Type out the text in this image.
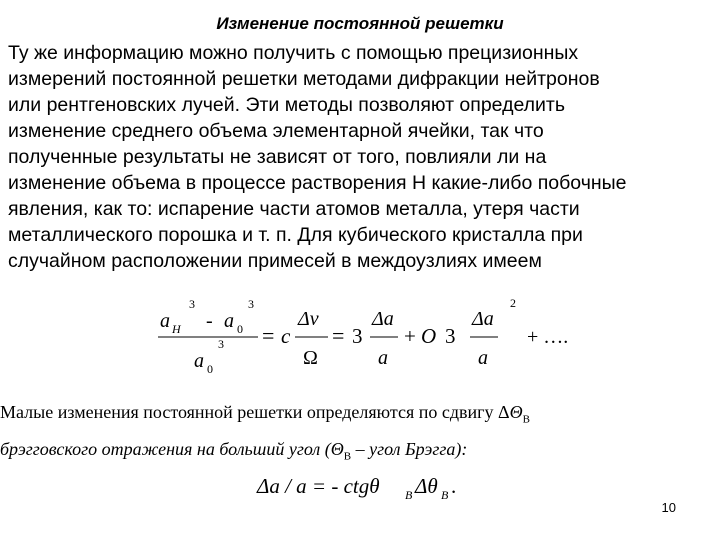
Изменение постоянной решетки
Ту же информацию можно получить с помощью прецизионных
измерений постоянной решетки методами дифракции нейтронов
или рентгеновских лучей. Эти методы позволяют определить
изменение среднего объема элементарной ячейки, так что
полученные результаты не зависят от того, повлияли ли на
изменение объема в процессе растворения Н какие-либо побочные
явления, как то: испарение части атомов металла, утеря части
металлического порошка и т. п. Для кубического кристалла при
случайном расположении примесей в междоузлиях имеем
a H
3
- a 0
3
a 0
3 = c
Δv
Ω
= 3
Δa
a
+ O 3
Δa
a
2
+ ….
Малые изменения постоянной решетки определяются по сдвигу $\Delta\Theta_B$
брэгговского отражения на больший угол ($\Theta_B$ – угол Брэгга):
Δa / a = - ctgθ B Δθ B .
10
